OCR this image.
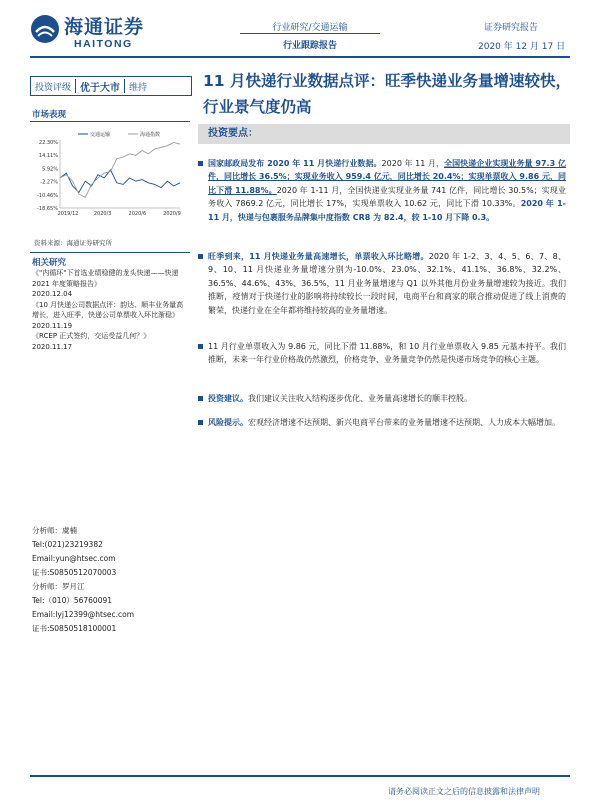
海通证券
HAITONG
行业研究/交通运输
行业跟踪报告
证券研究报告
2020 年 12 月 17 日
投资评级 优于大市	维持
市场表现
22.30%
14.11%
5.92%
-2.27%
-10.46%
-18.65%
2019/12	2020/3	2020/6	2020/9
交通运输	海通指数
资料来源：海通证券研究所
相关研究
《"内循环"下首选业绩稳健的龙头快递——快递 2021 年度策略报告》
2020.12.04
《10 月快递公司数据点评：韵达、顺丰业务量高增长，进入旺季，快递公司单票收入环比渐稳》
2020.11.19
《RCEP 正式签约，交运受益几何？》
2020.11.17
分析师：虞楠
Tel:(021)23219382
Email:yun@htsec.com
证书:S0850512070003
分析师：罗月江
Tel:（010）56760091
Email:lyj12399@htsec.com
证书:S0850518100001
11 月快递行业数据点评：旺季快递业务量增速较快，行业景气度仍高
投资要点：
国家邮政局发布 2020 年 11 月快递行业数据。2020 年 11 月，全国快递企业实现业务量 97.3 亿件，同比增长 36.5%；实现业务收入 959.4 亿元，同比增长 20.4%；实现单票收入 9.86 元，同比下滑 11.88%。2020 年 1-11 月，全国快递业实现业务量 741 亿件，同比增长 30.5%；实现业务收入 7869.2 亿元，同比增长 17%，实现单票收入 10.62 元，同比下滑 10.33%。2020 年 1-11 月，快递与包裹服务品牌集中度指数 CR8 为 82.4，较 1-10 月下降 0.3。
旺季到来，11 月快递业务量高速增长，单票收入环比略增。2020 年 1-2、3、4、5、6、7、8、9、10、11 月快递业务量增速分别为-10.0%、23.0%、32.1%、41.1%、36.8%、32.2%、36.5%、44.6%、43%、36.5%，11 月业务量增速与 Q1 以外其他月份业务量增速较为接近。我们推断，疫情对于快递行业的影响将持续较长一段时间，电商平台和商家的联合推动促进了线上消费的繁荣，快递行业在全年都将维持较高的业务量增速。
11 月行业单票收入为 9.86 元，同比下滑 11.88%，和 10 月行业单票收入 9.85 元基本持平。我们推断，未来一年行业价格战仍然激烈，价格竞争、业务量竞争仍然是快递市场竞争的核心主题。
投资建议。我们建议关注收入结构逐步优化、业务量高速增长的顺丰控股。
风险提示。宏观经济增速不达预期、新兴电商平台带来的业务量增速不达预期、人力成本大幅增加。
请务必阅读正文之后的信息披露和法律声明
